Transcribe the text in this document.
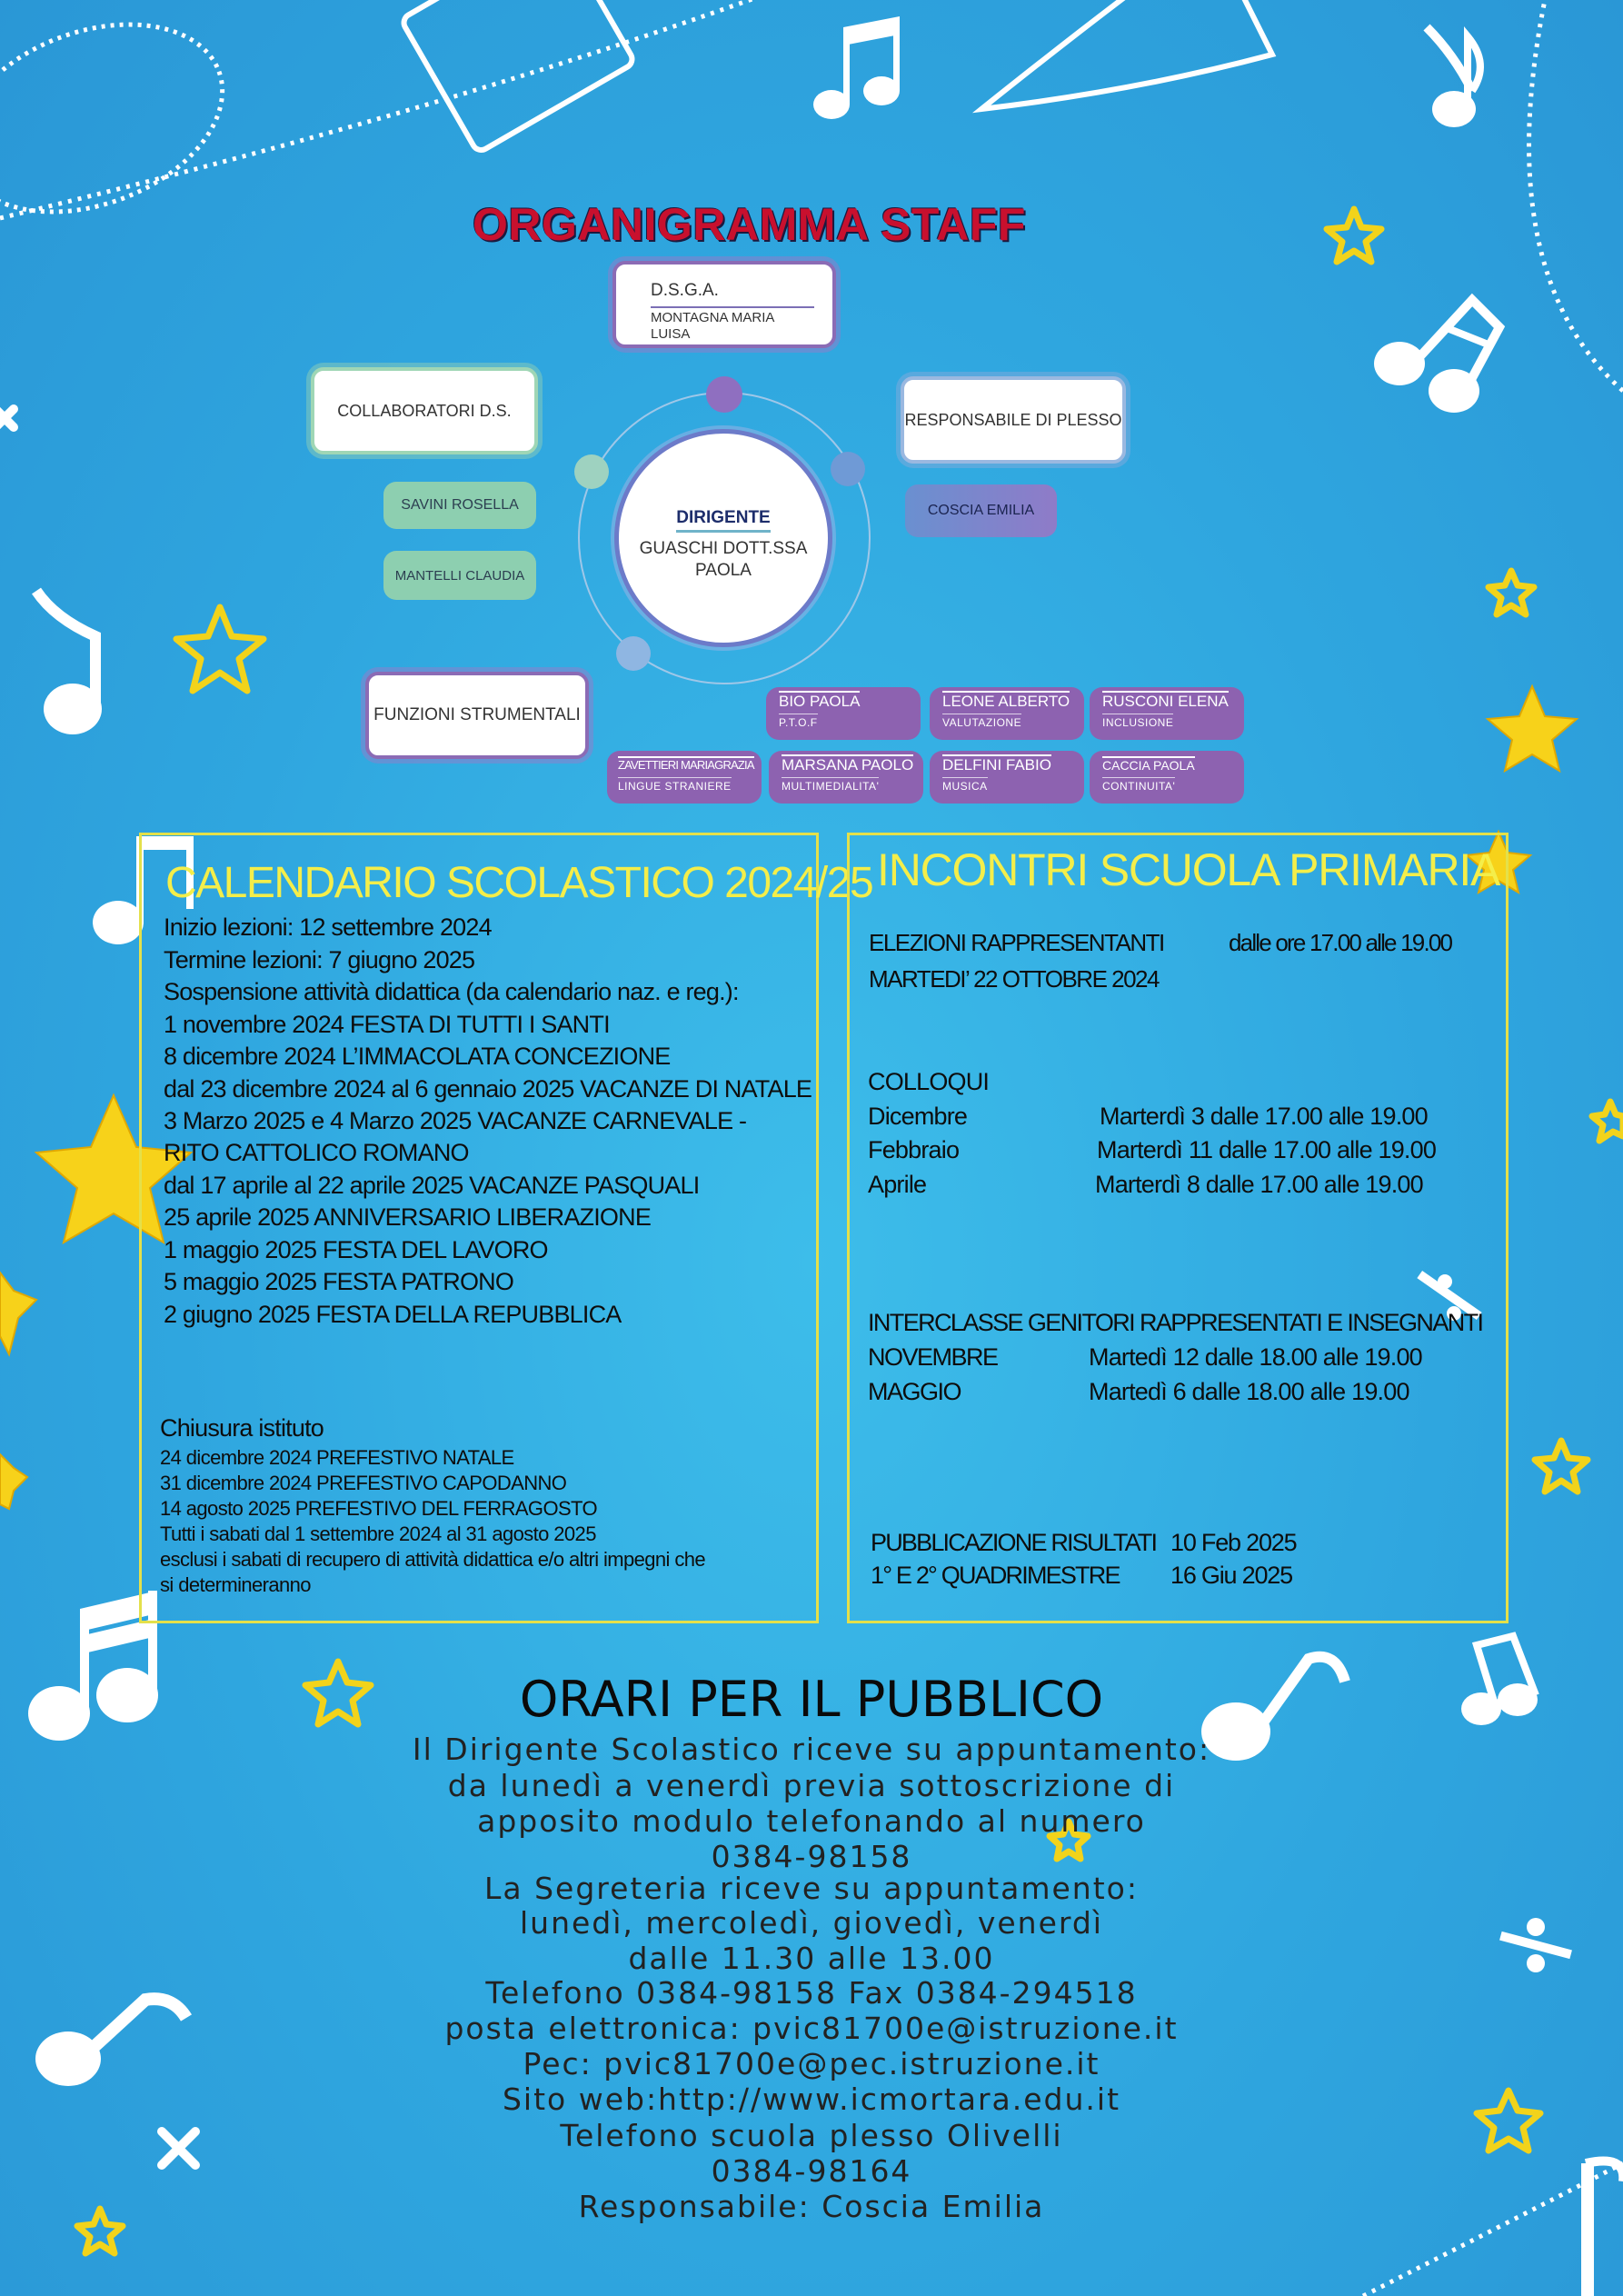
ORGANIGRAMMA STAFF
DIRIGENTE
GUASCHI DOTT.SSA PAOLA
D.S.G.A.
MONTAGNA MARIA LUISA
COLLABORATORI D.S.
SAVINI ROSELLA
MANTELLI CLAUDIA
RESPONSABILE DI PLESSO
COSCIA EMILIA
FUNZIONI STRUMENTALI
BIO PAOLA
P.T.O.F
LEONE ALBERTO
VALUTAZIONE
RUSCONI ELENA
INCLUSIONE
ZAVETTIERI MARIAGRAZIA
LINGUE STRANIERE
MARSANA PAOLO
MULTIMEDIALITA'
DELFINI FABIO
MUSICA
CACCIA PAOLA
CONTINUITA'
CALENDARIO SCOLASTICO 2024/25
Inizio lezioni: 12 settembre 2024
Termine lezioni: 7 giugno 2025
Sospensione attività didattica (da calendario naz. e reg.):
1 novembre 2024 FESTA DI TUTTI I SANTI
8 dicembre 2024 L’IMMACOLATA CONCEZIONE
dal 23 dicembre 2024 al 6 gennaio 2025 VACANZE DI NATALE
3 Marzo 2025 e 4 Marzo 2025 VACANZE CARNEVALE -
RITO CATTOLICO ROMANO
dal 17 aprile al 22 aprile 2025 VACANZE PASQUALI
25 aprile 2025 ANNIVERSARIO LIBERAZIONE
1 maggio 2025 FESTA DEL LAVORO
5 maggio 2025 FESTA PATRONO
2 giugno 2025 FESTA DELLA REPUBBLICA
Chiusura istituto
24 dicembre 2024 PREFESTIVO NATALE
31 dicembre 2024 PREFESTIVO CAPODANNO
14 agosto 2025 PREFESTIVO DEL FERRAGOSTO
Tutti i sabati dal 1 settembre 2024 al 31 agosto 2025
esclusi i sabati di recupero di attività didattica e/o altri impegni che
si determineranno
INCONTRI SCUOLA PRIMARIA
ELEZIONI RAPPRESENTANTI	dalle ore 17.00 alle 19.00
MARTEDI’ 22 OTTOBRE 2024
COLLOQUI
Dicembre	Marterdì 3 dalle 17.00 alle 19.00
Febbraio	Marterdì 11 dalle 17.00 alle 19.00
Aprile	Marterdì 8 dalle 17.00 alle 19.00
INTERCLASSE GENITORI RAPPRESENTATI E INSEGNANTI
NOVEMBRE	Martedì 12 dalle 18.00 alle 19.00
MAGGIO	Martedì 6 dalle 18.00 alle 19.00
PUBBLICAZIONE RISULTATI 10 Feb 2025
1° E 2° QUADRIMESTRE 16 Giu 2025
ORARI PER IL PUBBLICO
Il Dirigente Scolastico riceve su appuntamento:
da lunedì a venerdì previa sottoscrizione di
apposito modulo telefonando al numero
0384-98158
La Segreteria riceve su appuntamento:
lunedì, mercoledì, giovedì, venerdì
dalle 11.30 alle 13.00
Telefono 0384-98158 Fax 0384-294518
posta elettronica: pvic81700e@istruzione.it
Pec: pvic81700e@pec.istruzione.it
Sito web:http://www.icmortara.edu.it
Telefono scuola plesso Olivelli
0384-98164
Responsabile: Coscia Emilia
